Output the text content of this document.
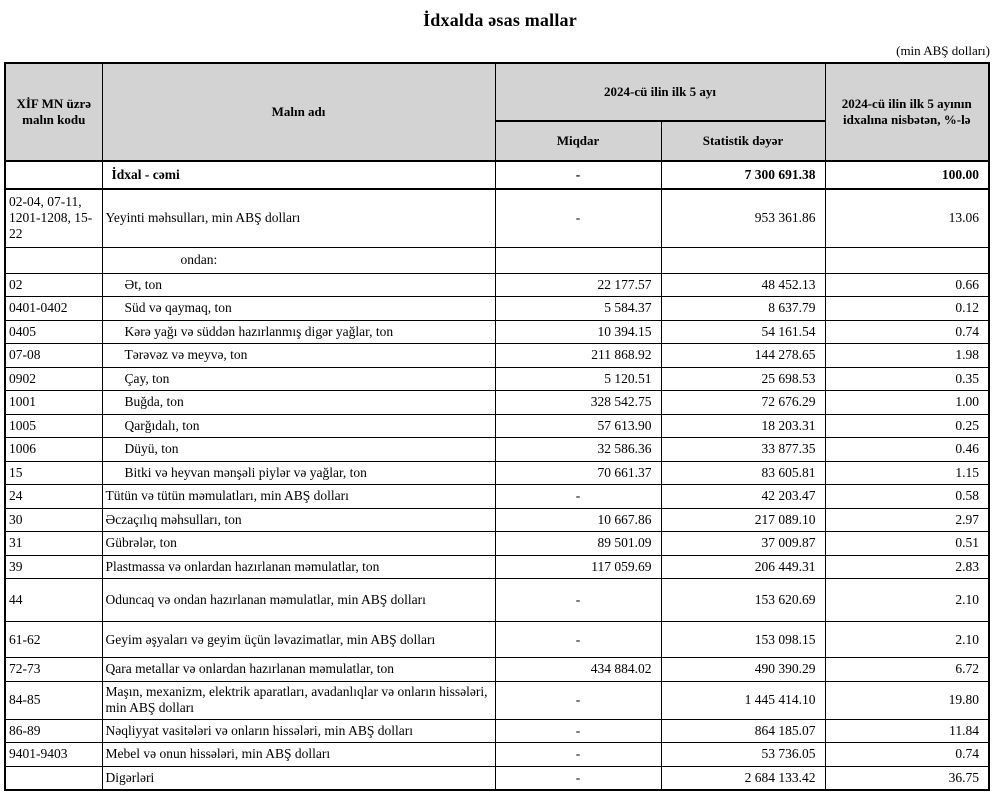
İdxalda əsas mallar
(min ABŞ dolları)
XİF MN üzrə malın kodu	Malın adı	2024-cü ilin ilk 5 ayı		2024-cü ilin ilk 5 ayının idxalına nisbətən, %-lə

		Miqdar	Statistik dəyər	

	İdxal - cəmi	-	7 300 691.38	100.00
02-04, 07-11, 1201-1208, 15-22	Yeyinti məhsulları, min ABŞ dolları	-	953 361.86	13.06
	ondan:			
02	Ət, ton	22 177.57	48 452.13	0.66
0401-0402	Süd və qaymaq, ton	5 584.37	8 637.79	0.12
0405	Kərə yağı və süddən hazırlanmış digər yağlar, ton	10 394.15	54 161.54	0.74
07-08	Tərəvəz və meyvə, ton	211 868.92	144 278.65	1.98
0902	Çay, ton	5 120.51	25 698.53	0.35
1001	Buğda, ton	328 542.75	72 676.29	1.00
1005	Qarğıdalı, ton	57 613.90	18 203.31	0.25
1006	Düyü, ton	32 586.36	33 877.35	0.46
15	Bitki və heyvan mənşəli piylər və yağlar, ton	70 661.37	83 605.81	1.15
24	Tütün və tütün məmulatları, min ABŞ dolları	-	42 203.47	0.58
30	Əczaçılıq məhsulları, ton	10 667.86	217 089.10	2.97
31	Gübrələr, ton	89 501.09	37 009.87	0.51
39	Plastmassa və onlardan hazırlanan məmulatlar, ton	117 059.69	206 449.31	2.83
44	Oduncaq və ondan hazırlanan məmulatlar, min ABŞ dolları	-	153 620.69	2.10
61-62	Geyim əşyaları və geyim üçün ləvazimatlar, min ABŞ dolları	-	153 098.15	2.10
72-73	Qara metallar və onlardan hazırlanan məmulatlar, ton	434 884.02	490 390.29	6.72
84-85	Maşın, mexanizm, elektrik aparatları, avadanlıqlar və onların hissələri, min ABŞ dolları	-	1 445 414.10	19.80
86-89	Nəqliyyat vasitələri və onların hissələri, min ABŞ dolları	-	864 185.07	11.84
9401-9403	Mebel və onun hissələri, min ABŞ dolları	-	53 736.05	0.74
	Digərləri	-	2 684 133.42	36.75
